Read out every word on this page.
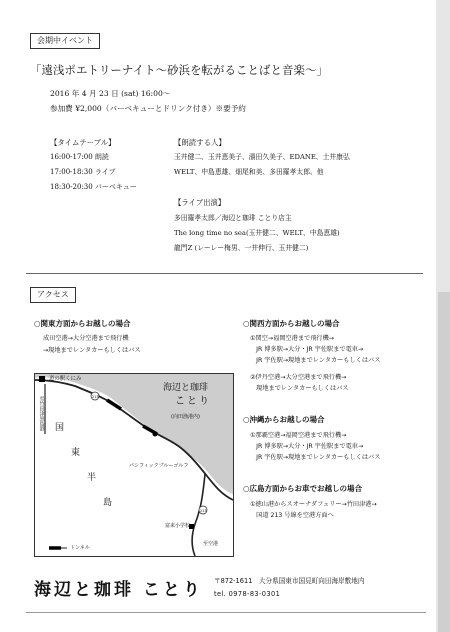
会期中イベント
「遠浅ポエトリーナイト〜砂浜を転がることばと音楽〜」
2016 年 4 月 23 日 (sat) 16:00〜
参加費 ¥2,000（バーベキューとドリンク付き）※要予約
【タイムテーブル】
16:00-17:00 朗読
17:00-18:30 ライブ
18:30-20:30 バーベキュー
【朗読する人】
玉井健二、玉井恵美子、濱田久美子、EDANE、土井康弘
WELT、中島恵雄、畑尾和美、多田羅孝太郎、他
【ライブ出演】
多田羅孝太郎／海辺と珈琲 ことり店主
The long time no sea(玉井健二、WELT、中島恵雄)
龍門Z (レーレー梅男、一井伸行、玉井健二)
アクセス
○関東方面からお越しの場合
成田空港→大分空港まで飛行機
→現地までレンタカーもしくはバス
道の駅くにみ
至竹田津
黒島港
海辺と珈琲
ことり
(向田漁港内)
213
213
国
東
半
島
パシフィックブルーゴルフ
富来小学校
至空港
トンネル
○関西方面からお越しの場合
①関空→福岡空港まで飛行機→
　JR 博多駅→大分・JR 宇佐駅まで電車→
　JR 宇佐駅→現地までレンタカーもしくはバス
②伊丹空港→大分空港まで飛行機→
　現地までレンタカーもしくはバス
○沖縄からお越しの場合
①那覇空港→福岡空港まで飛行機→
　JR 博多駅→大分・JR 宇佐駅まで電車→
　JR 宇佐駅→現地までレンタカーもしくはバス
○広島方面からお車でお越しの場合
①徳山港からスオーナダフェリー→竹田津港→
　国道 213 号線を空港方面へ
海辺と珈琲 ことり 〒872-1611　大分県国東市国見町向田海岸敷地内
tel. 0978-83-0301
